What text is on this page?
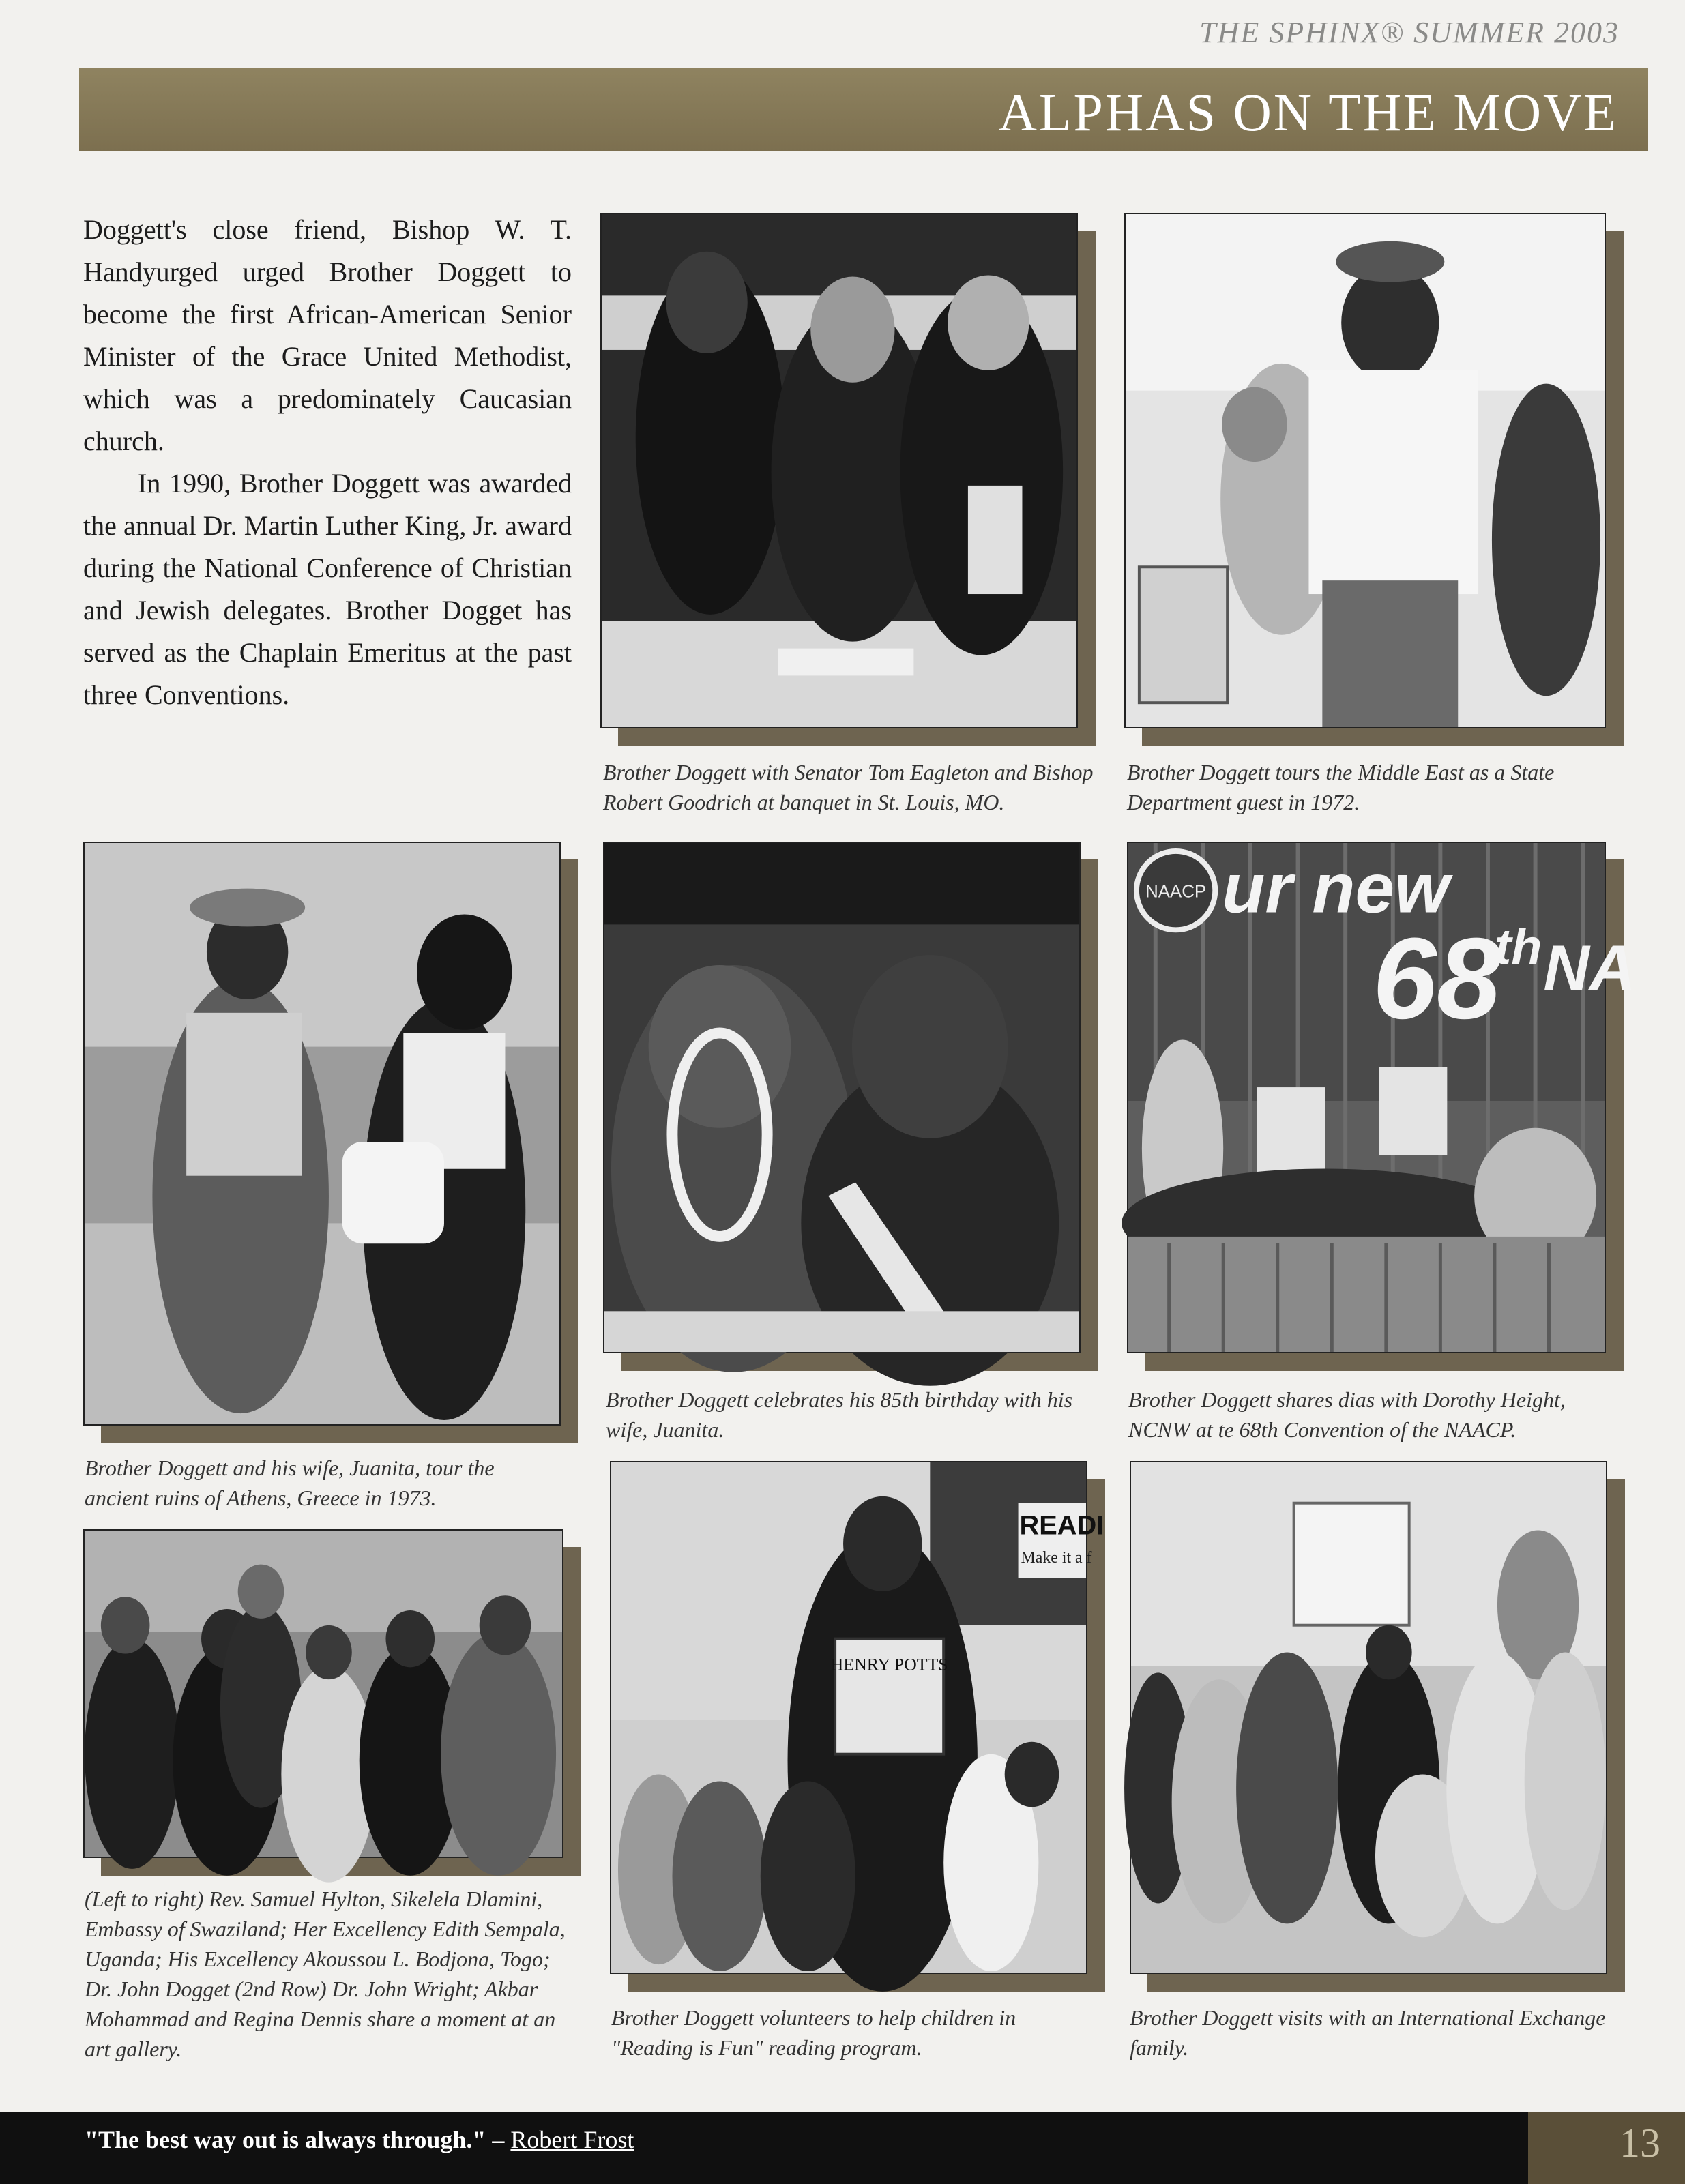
THE SPHINX® SUMMER 2003
ALPHAS ON THE MOVE

Doggett's close friend, Bishop W. T. Handyurged urged Brother Doggett to become the first African-American Senior Minister of the Grace United Methodist, which was a predominately Caucasian church.

In 1990, Brother Doggett was awarded the annual Dr. Martin Luther King, Jr. award during the National Conference of Christian and Jewish delegates. Brother Dogget has served as the Chaplain Emeritus at the past three Conventions.

Brother Doggett with Senator Tom Eagleton and Bishop Robert Goodrich at banquet in St. Louis, MO.
Brother Doggett tours the Middle East as a State Department guest in 1972.
Brother Doggett and his wife, Juanita, tour the ancient ruins of Athens, Greece in 1973.
Brother Doggett celebrates his 85th birthday with his wife, Juanita.
NAACP ur new
68
th NA
Brother Doggett shares dias with Dorothy Height, NCNW at te 68th Convention of the NAACP.
(Left to right) Rev. Samuel Hylton, Sikelela Dlamini, Embassy of Swaziland; Her Excellency Edith Sempala, Uganda; His Excellency Akoussou L. Bodjona, Togo; Dr. John Dogget (2nd Row) Dr. John Wright; Akbar Mohammad and Regina Dennis share a moment at an art gallery.
READI
Make it a f
HENRY POTTS
Brother Doggett volunteers to help children in "Reading is Fun" reading program.
Brother Doggett visits with an International Exchange family.
"The best way out is always through." – Robert Frost	13
